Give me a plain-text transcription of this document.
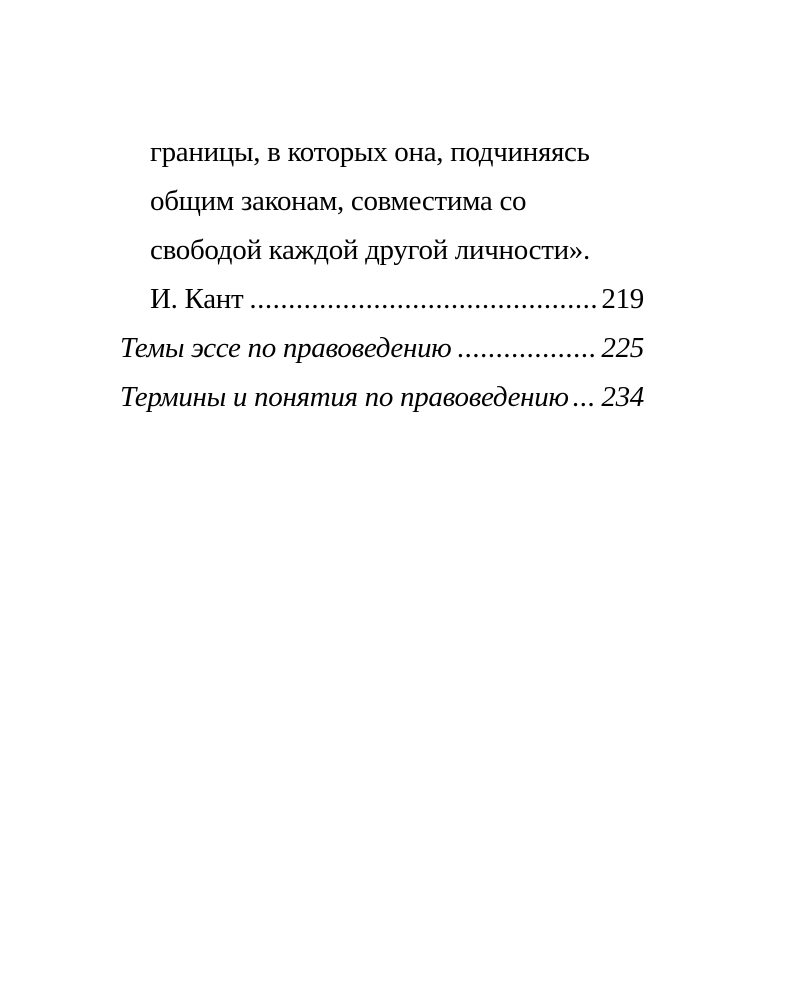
границы, в которых она, подчиняясь
общим законам, совместима со
свободой каждой другой личности».
И. Кант .....	219
Темы эссе по правоведению .....	225
Термины и понятия по правоведению ..... 234
